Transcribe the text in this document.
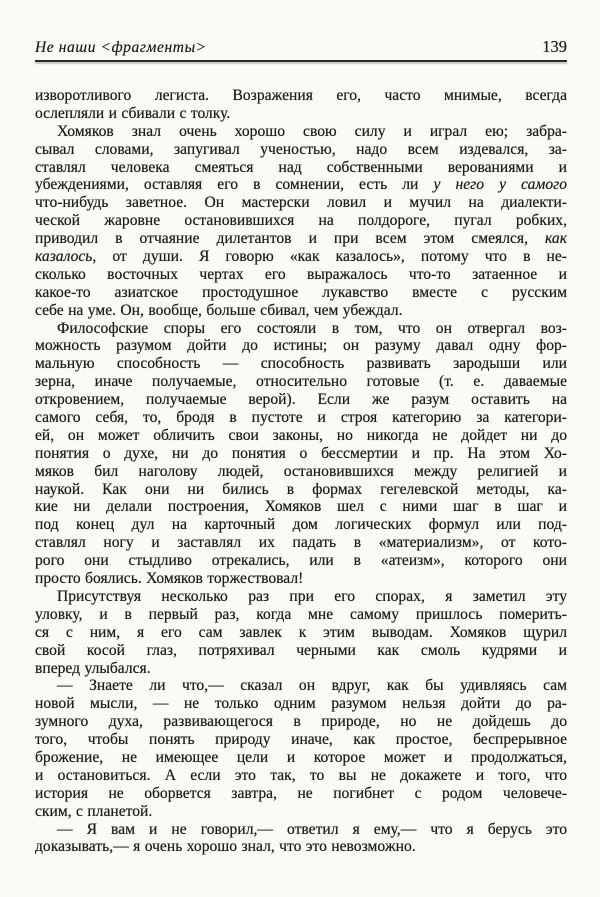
Не наши <фрагменты>	139
изворотливого легиста. Возражения его, часто мнимые, всегда
ослепляли и сбивали с толку.
Хомяков знал очень хорошо свою силу и играл ею; забра-
сывал словами, запугивал ученостью, надо всем издевался, за-
ставлял человека смеяться над собственными верованиями и
убеждениями, оставляя его в сомнении, есть ли у него у самого
что-нибудь заветное. Он мастерски ловил и мучил на диалекти-
ческой жаровне остановившихся на полдороге, пугал робких,
приводил в отчаяние дилетантов и при всем этом смеялся, как
казалось, от души. Я говорю «как казалось», потому что в не-
сколько восточных чертах его выражалось что-то затаенное и
какое-то азиатское простодушное лукавство вместе с русским
себе на уме. Он, вообще, больше сбивал, чем убеждал.
Философские споры его состояли в том, что он отвергал воз-
можность разумом дойти до истины; он разуму давал одну фор-
мальную способность — способность развивать зародыши или
зерна, иначе получаемые, относительно готовые (т. е. даваемые
откровением, получаемые верой). Если же разум оставить на
самого себя, то, бродя в пустоте и строя категорию за категори-
ей, он может обличить свои законы, но никогда не дойдет ни до
понятия о духе, ни до понятия о бессмертии и пр. На этом Хо-
мяков бил наголову людей, остановившихся между религией и
наукой. Как они ни бились в формах гегелевской методы, ка-
кие ни делали построения, Хомяков шел с ними шаг в шаг и
под конец дул на карточный дом логических формул или под-
ставлял ногу и заставлял их падать в «материализм», от кото-
рого они стыдливо отрекались, или в «атеизм», которого они
просто боялись. Хомяков торжествовал!
Присутствуя несколько раз при его спорах, я заметил эту
уловку, и в первый раз, когда мне самому пришлось померить-
ся с ним, я его сам завлек к этим выводам. Хомяков щурил
свой косой глаз, потряхивал черными как смоль кудрями и
вперед улыбался.
— Знаете ли что,— сказал он вдруг, как бы удивляясь сам
новой мысли, — не только одним разумом нельзя дойти до ра-
зумного духа, развивающегося в природе, но не дойдешь до
того, чтобы понять природу иначе, как простое, беспрерывное
брожение, не имеющее цели и которое может и продолжаться,
и остановиться. А если это так, то вы не докажете и того, что
история не оборвется завтра, не погибнет с родом человече-
ским, с планетой.
— Я вам и не говорил,— ответил я ему,— что я берусь это
доказывать,— я очень хорошо знал, что это невозможно.
